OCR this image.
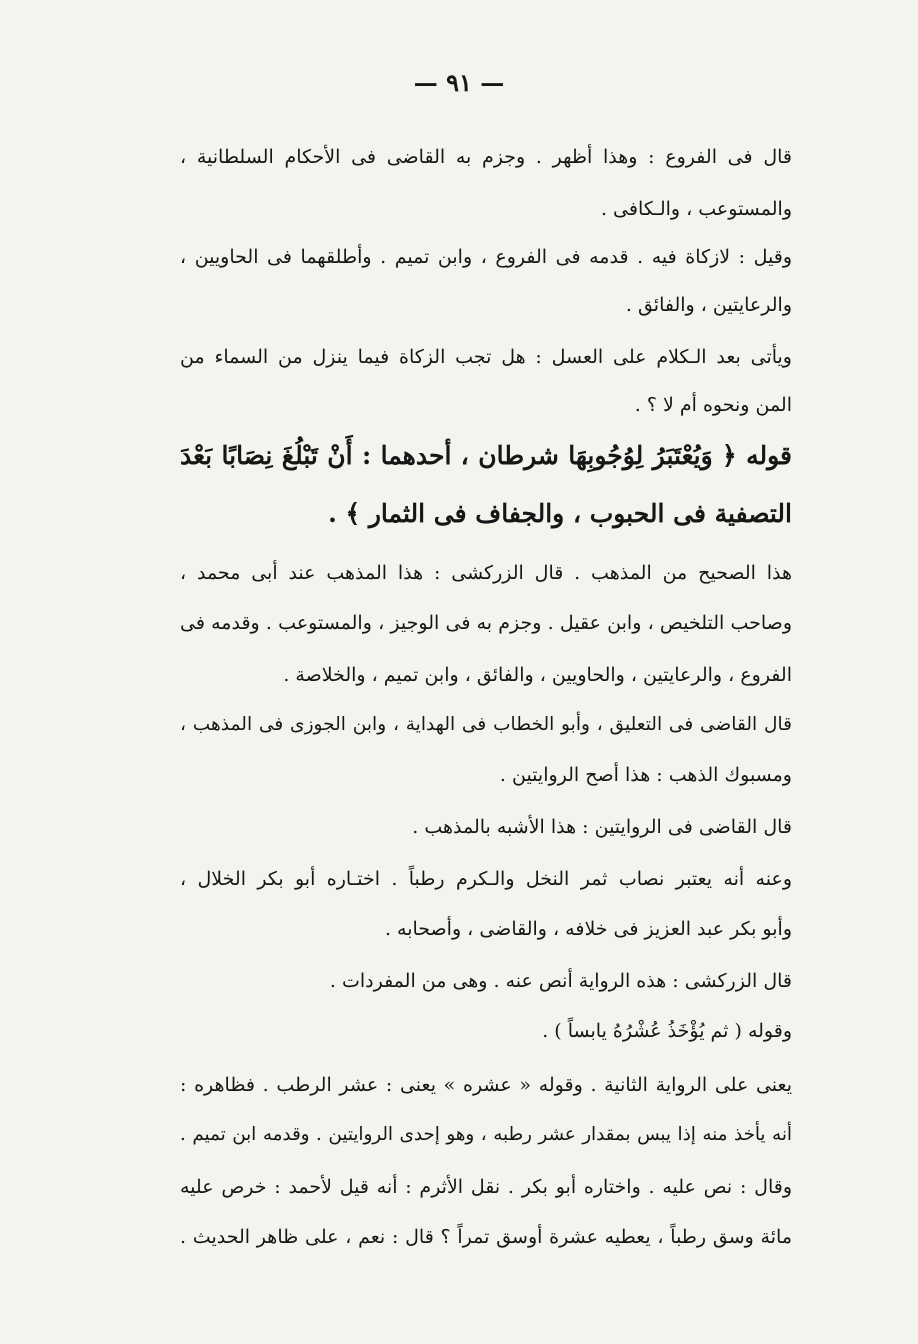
— ٩١ —
قال فى الفروع : وهذا أظهر . وجزم به القاضى فى الأحكام السلطانية ،
والمستوعب ، والـكافى .
وقيل : لازكاة فيه . قدمه فى الفروع ، وابن تميم . وأطلقهما فى الحاويين ،
والرعايتين ، والفائق .
ويأتى بعد الـكلام على العسل : هل تجب الزكاة فيما ينزل من السماء من
المن ونحوه أم لا ؟ .
قوله ﴿ وَيُعْتَبَرُ لِوُجُوبِهَا شرطان ، أحدهما : أَنْ تَبْلُغَ نِصَابًا بَعْدَ
التصفية فى الحبوب ، والجفاف فى الثمار ﴾ .
هذا الصحيح من المذهب . قال الزركشى : هذا المذهب عند أبى محمد ،
وصاحب التلخيص ، وابن عقيل . وجزم به فى الوجيز ، والمستوعب . وقدمه فى
الفروع ، والرعايتين ، والحاويين ، والفائق ، وابن تميم ، والخلاصة .
قال القاضى فى التعليق ، وأبو الخطاب فى الهداية ، وابن الجوزى فى المذهب ،
ومسبوك الذهب : هذا أصح الروايتين .
قال القاضى فى الروايتين : هذا الأشبه بالمذهب .
وعنه أنه يعتبر نصاب ثمر النخل والـكرم رطباً . اختـاره أبو بكر الخلال ،
وأبو بكر عبد العزيز فى خلافه ، والقاضى ، وأصحابه .
قال الزركشى : هذه الرواية أنص عنه . وهى من المفردات .
وقوله ( ثم يُؤْخَذُ عُشْرُهُ يابساً ) .
يعنى على الرواية الثانية . وقوله « عشره » يعنى : عشر الرطب . فظاهره :
أنه يأخذ منه إذا يبس بمقدار عشر رطبه ، وهو إحدى الروايتين . وقدمه ابن تميم .
وقال : نص عليه . واختاره أبو بكر . نقل الأثرم : أنه قيل لأحمد : خرص عليه
مائة وسق رطباً ، يعطيه عشرة أوسق تمراً ؟ قال : نعم ، على ظاهر الحديث .
